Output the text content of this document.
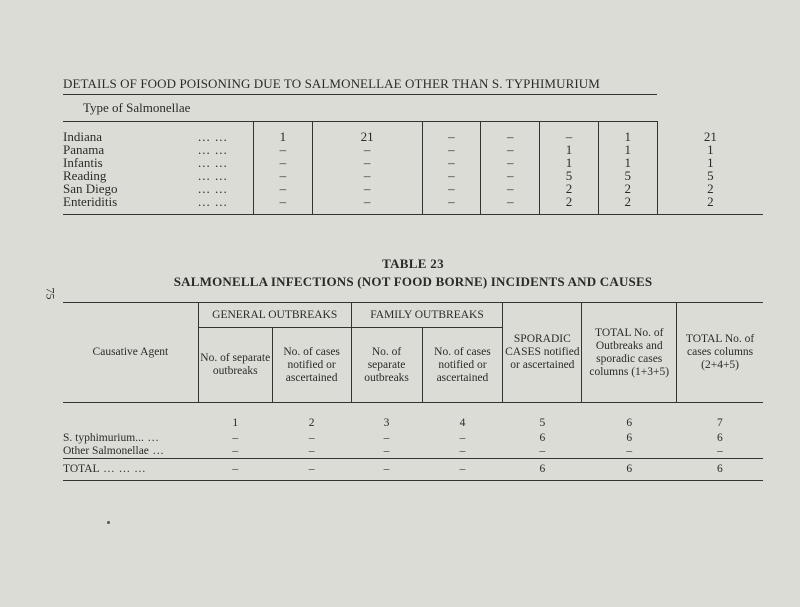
75
DETAILS OF FOOD POISONING DUE TO SALMONELLAE OTHER THAN S. TYPHIMURIUM
Type of Salmonellae								
Indiana	... ...	1	21	–	–	–	1	21
Panama	... ...	–	–	–	–	1	1	1
Infantis	... ...	–	–	–	–	1	1	1
Reading	... ...	–	–	–	–	5	5	5
San Diego	... ...	–	–	–	–	2	2	2
Enteriditis	... ...	–	–	–	–	2	2	2
TABLE 23
SALMONELLA INFECTIONS (NOT FOOD BORNE) INCIDENTS AND CAUSES
Causative Agent	GENERAL OUTBREAKS		FAMILY OUTBREAKS		SPORADIC CASES notified or ascertained	TOTAL No. of Outbreaks and sporadic cases columns (1+3+5)	TOTAL No. of cases columns (2+4+5)
	No. of separate outbreaks	No. of cases notified or ascertained	No. of separate outbreaks	No. of cases notified or ascertained			
	1	2	3	4	5	6	7
S. typhimurium... ...	–	–	–	–	6	6	6
Other Salmonellae ...	–	–	–	–	–	–	–
TOTAL ... ... ...	–	–	–	–	6	6	6
